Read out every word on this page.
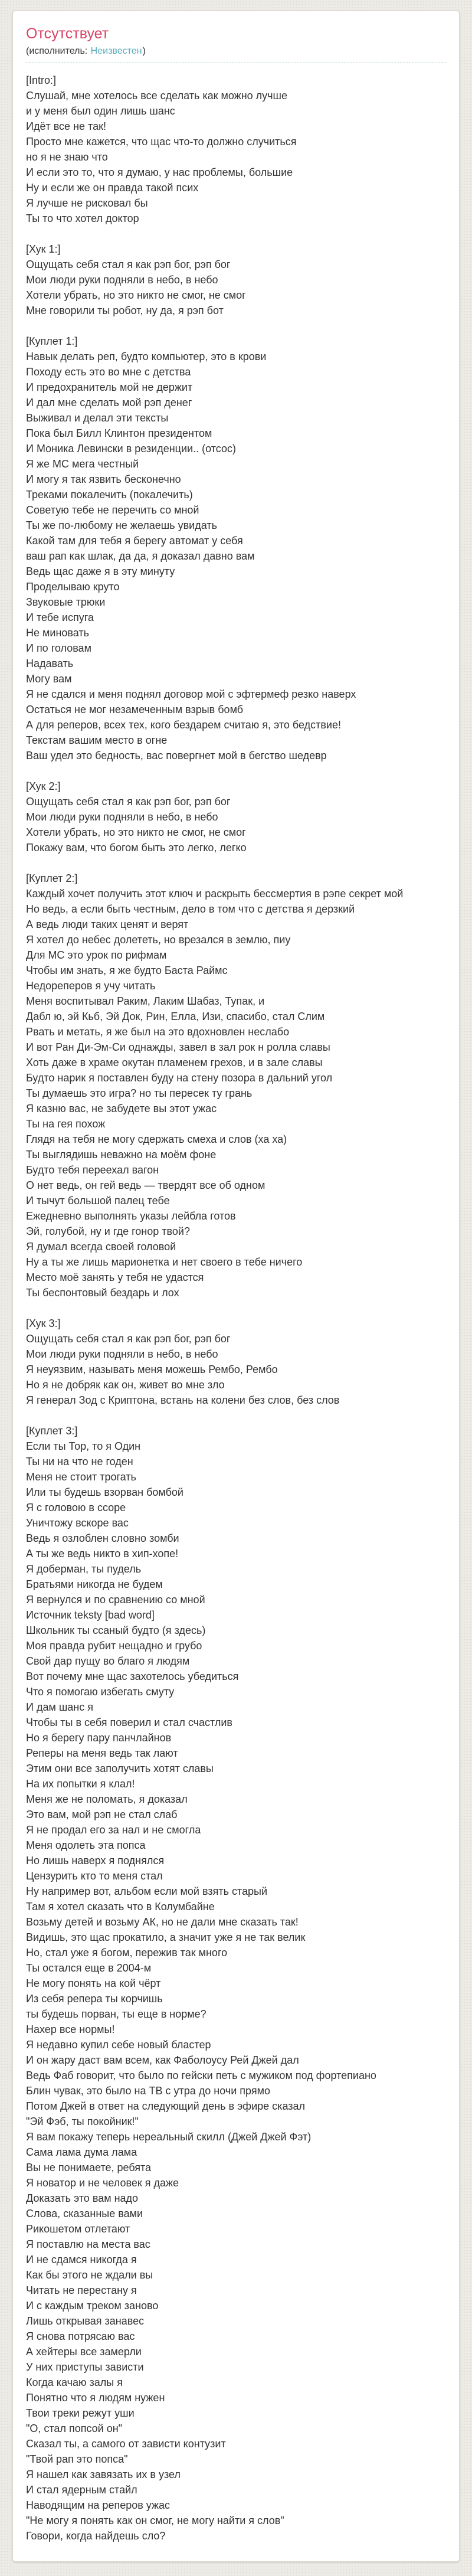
Отсутствует
(исполнитель: Неизвестен)
[Intro:]
Слушай, мне хотелось все сделать как можно лучше
и у меня был один лишь шанс
Идёт все не так!
Просто мне кажется, что щас что-то должно случиться
но я не знаю что
И если это то, что я думаю, у нас проблемы, большие
Ну и если же он правда такой псих
Я лучше не рисковал бы
Ты то что хотел доктор
[Хук 1:]
Ощущать себя стал я как рэп бог, рэп бог
Мои люди руки подняли в небо, в небо
Хотели убрать, но это никто не смог, не смог
Мне говорили ты робот, ну да, я рэп бот
[Куплет 1:]
Навык делать реп, будто компьютер, это в крови
Походу есть это во мне с детства
И предохранитель мой не держит
И дал мне сделать мой рэп денег
Выживал и делал эти тексты
Пока был Билл Клинтон президентом
И Моника Левински в резиденции.. (отсос)
Я же МС мега честный
И могу я так язвить бесконечно
Треками покалечить (покалечить)
Советую тебе не перечить со мной
Ты же по-любому не желаешь увидать
Какой там для тебя я берегу автомат у себя
ваш рап как шлак, да да, я доказал давно вам
Ведь щас даже я в эту минуту
Проделываю круто
Звуковые трюки
И тебе испуга
Не миновать
И по головам
Надавать
Могу вам
Я не сдался и меня поднял договор мой с эфтермеф резко наверх
Остаться не мог незамеченным взрыв бомб
А для реперов, всех тех, кого бездарем считаю я, это бедствие!
Текстам вашим место в огне
Ваш удел это бедность, вас повергнет мой в бегство шедевр
[Хук 2:]
Ощущать себя стал я как рэп бог, рэп бог
Мои люди руки подняли в небо, в небо
Хотели убрать, но это никто не смог, не смог
Покажу вам, что богом быть это легко, легко
[Куплет 2:]
Каждый хочет получить этот ключ и раскрыть бессмертия в рэпе секрет мой
Но ведь, а если быть честным, дело в том что с детства я дерзкий
А ведь люди таких ценят и верят
Я хотел до небес долететь, но врезался в землю, пиу
Для МС это урок по рифмам
Чтобы им знать, я же будто Баста Раймс
Недореперов я учу читать
Меня воспитывал Раким, Лаким Шабаз, Тупак, и
Дабл ю, эй Кьб, Эй Док, Рин, Елла, Изи, спасибо, стал Слим
Рвать и метать, я же был на это вдохновлен неслабо
И вот Ран Ди-Эм-Си однажды, завел в зал рок н ролла славы
Хоть даже в храме окутан пламенем грехов, и в зале славы
Будто нарик я поставлен буду на стену позора в дальний угол
Ты думаешь это игра? но ты пересек ту грань
Я казню вас, не забудете вы этот ужас
Ты на гея похож
Глядя на тебя не могу сдержать смеха и слов (ха ха)
Ты выглядишь неважно на моём фоне
Будто тебя переехал вагон
О нет ведь, он гей ведь — твердят все об одном
И тычут большой палец тебе
Ежедневно выполнять указы лейбла готов
Эй, голубой, ну и где гонор твой?
Я думал всегда своей головой
Ну а ты же лишь марионетка и нет своего в тебе ничего
Место моё занять у тебя не удастся
Ты беспонтовый бездарь и лох
[Хук 3:]
Ощущать себя стал я как рэп бог, рэп бог
Мои люди руки подняли в небо, в небо
Я неуязвим, называть меня можешь Рембо, Рембо
Но я не добряк как он, живет во мне зло
Я генерал Зод с Криптона, встань на колени без слов, без слов
[Куплет 3:]
Если ты Тор, то я Один
Ты ни на что не годен
Меня не стоит трогать
Или ты будешь взорван бомбой
Я с головою в ссоре
Уничтожу вскоре вас
Ведь я озлоблен словно зомби
А ты же ведь никто в хип-хопе!
Я доберман, ты пудель
Братьями никогда не будем
Я вернулся и по сравнению со мной
Источник teksty [bad word]
Школьник ты ссаный будто (я здесь)
Моя правда рубит нещадно и грубо
Свой дар пущу во благо я людям
Вот почему мне щас захотелось убедиться
Что я помогаю избегать смуту
И дам шанс я
Чтобы ты в себя поверил и стал счастлив
Но я берегу пару панчлайнов
Реперы на меня ведь так лают
Этим они все заполучить хотят славы
На их попытки я клал!
Меня же не поломать, я доказал
Это вам, мой рэп не стал слаб
Я не продал его за нал и не смогла
Меня одолеть эта попса
Но лишь наверх я поднялся
Цензурить кто то меня стал
Ну например вот, альбом если мой взять старый
Там я хотел сказать что в Колумбайне
Возьму детей и возьму АК, но не дали мне сказать так!
Видишь, это щас прокатило, а значит уже я не так велик
Но, стал уже я богом, пережив так много
Ты остался еще в 2004-м
Не могу понять на кой чёрт
Из себя репера ты корчишь
ты будешь порван, ты еще в норме?
Нахер все нормы!
Я недавно купил себе новый бластер
И он жару даст вам всем, как Фаболоусу Рей Джей дал
Ведь Фаб говорит, что было по гейски петь с мужиком под фортепиано
Блин чувак, это было на ТВ с утра до ночи прямо
Потом Джей в ответ на следующий день в эфире сказал
"Эй Фэб, ты покойник!"
Я вам покажу теперь нереальный скилл (Джей Джей Фэт)
Сама лама дума лама
Вы не понимаете, ребята
Я новатор и не человек я даже
Доказать это вам надо
Слова, сказанные вами
Рикошетом отлетают
Я поставлю на места вас
И не сдамся никогда я
Как бы этого не ждали вы
Читать не перестану я
И с каждым треком заново
Лишь открывая занавес
Я снова потрясаю вас
А хейтеры все замерли
У них приступы зависти
Когда качаю залы я
Понятно что я людям нужен
Твои треки режут уши
"О, стал попсой он"
Сказал ты, а самого от зависти контузит
"Твой рап это попса"
Я нашел как завязать их в узел
И стал ядерным стайл
Наводящим на реперов ужас
"Не могу я понять как он смог, не могу найти я слов"
Говори, когда найдешь сло?
